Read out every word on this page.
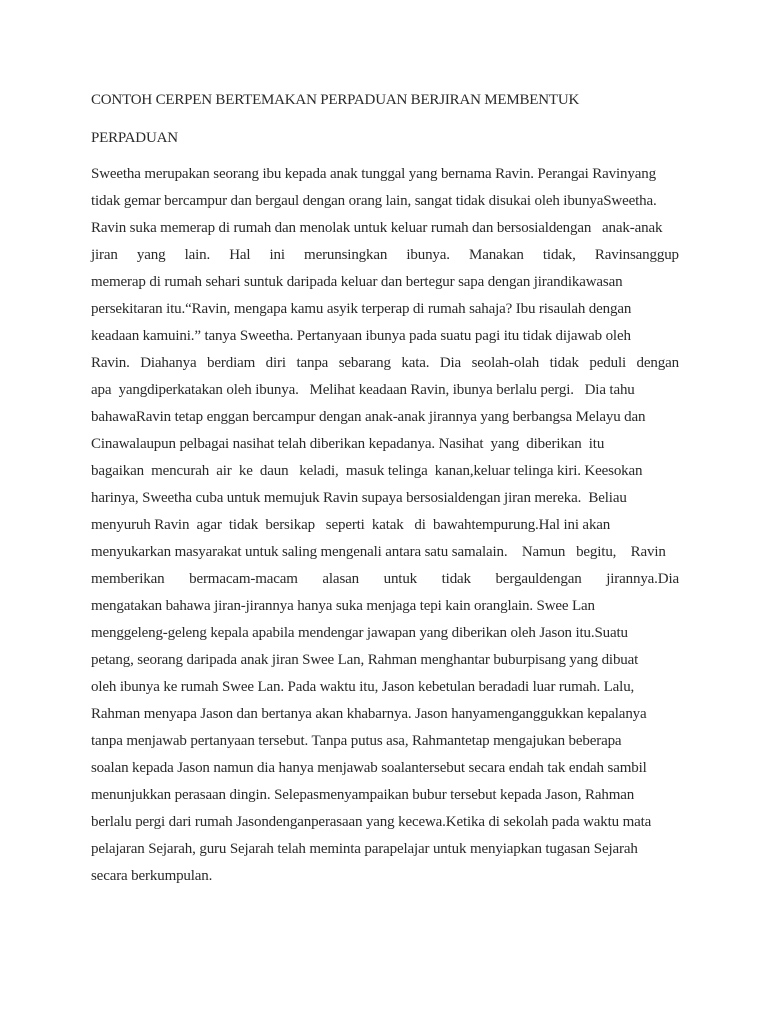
CONTOH CERPEN BERTEMAKAN PERPADUAN BERJIRAN MEMBENTUK

PERPADUAN

Sweetha merupakan seorang ibu kepada anak tunggal yang bernama Ravin. Perangai Ravinyang

tidak gemar bercampur dan bergaul dengan orang lain, sangat tidak disukai oleh ibunyaSweetha.

Ravin suka memerap di rumah dan menolak untuk keluar rumah dan bersosialdengan   anak-anak

jiran yang lain. Hal ini merunsingkan ibunya. Manakan tidak, Ravinsanggup

memerap di rumah sehari suntuk daripada keluar dan bertegur sapa dengan jirandikawasan

persekitaran itu.“Ravin, mengapa kamu asyik terperap di rumah sahaja? Ibu risaulah dengan

keadaan kamuini.” tanya Sweetha. Pertanyaan ibunya pada suatu pagi itu tidak dijawab oleh

Ravin. Diahanya berdiam diri tanpa sebarang kata. Dia seolah-olah tidak peduli dengan

apa  yangdiperkatakan oleh ibunya.   Melihat keadaan Ravin, ibunya berlalu pergi.   Dia tahu

bahawaRavin tetap enggan bercampur dengan anak-anak jirannya yang berbangsa Melayu dan

Cinawalaupun pelbagai nasihat telah diberikan kepadanya. Nasihat  yang  diberikan  itu

bagaikan  mencurah  air  ke  daun   keladi,  masuk telinga  kanan,keluar telinga kiri. Keesokan

harinya, Sweetha cuba untuk memujuk Ravin supaya bersosialdengan jiran mereka.  Beliau

menyuruh Ravin  agar  tidak  bersikap   seperti  katak   di  bawahtempurung.Hal ini akan

menyukarkan masyarakat untuk saling mengenali antara satu samalain.    Namun   begitu,    Ravin

memberikan bermacam-macam alasan untuk tidak bergauldengan jirannya.Dia

mengatakan bahawa jiran-jirannya hanya suka menjaga tepi kain oranglain. Swee Lan

menggeleng-geleng kepala apabila mendengar jawapan yang diberikan oleh Jason itu.Suatu

petang, seorang daripada anak jiran Swee Lan, Rahman menghantar buburpisang yang dibuat

oleh ibunya ke rumah Swee Lan. Pada waktu itu, Jason kebetulan beradadi luar rumah. Lalu,

Rahman menyapa Jason dan bertanya akan khabarnya. Jason hanyamenganggukkan kepalanya

tanpa menjawab pertanyaan tersebut. Tanpa putus asa, Rahmantetap mengajukan beberapa

soalan kepada Jason namun dia hanya menjawab soalantersebut secara endah tak endah sambil

menunjukkan perasaan dingin. Selepasmenyampaikan bubur tersebut kepada Jason, Rahman

berlalu pergi dari rumah Jasondenganperasaan yang kecewa.Ketika di sekolah pada waktu mata

pelajaran Sejarah, guru Sejarah telah meminta parapelajar untuk menyiapkan tugasan Sejarah

secara berkumpulan.
